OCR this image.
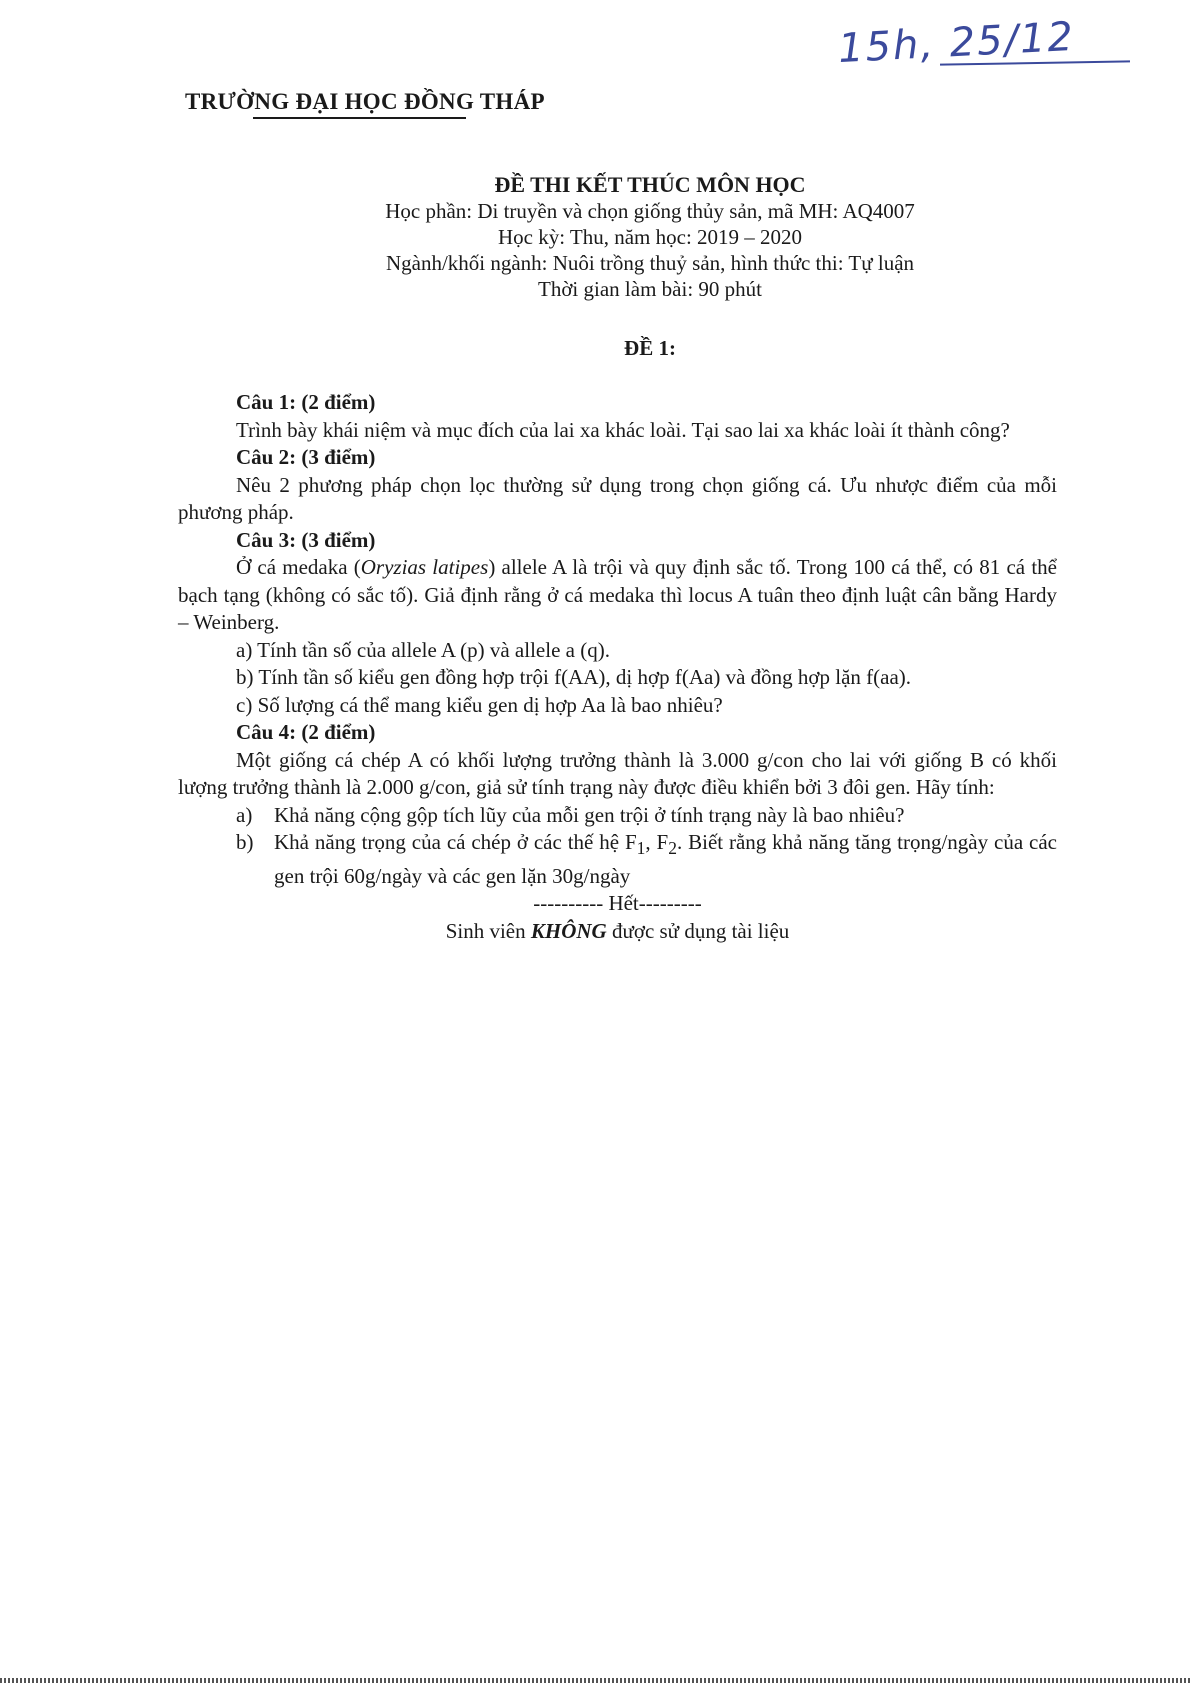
15h, 25/12
TRƯỜNG ĐẠI HỌC ĐỒNG THÁP
ĐỀ THI KẾT THÚC MÔN HỌC
Học phần: Di truyền và chọn giống thủy sản, mã MH: AQ4007
Học kỳ: Thu, năm học: 2019 – 2020
Ngành/khối ngành: Nuôi trồng thuỷ sản, hình thức thi: Tự luận
Thời gian làm bài: 90 phút
ĐỀ 1:
Câu 1: (2 điểm)
Trình bày khái niệm và mục đích của lai xa khác loài. Tại sao lai xa khác loài ít thành công?
Câu 2: (3 điểm)
Nêu 2 phương pháp chọn lọc thường sử dụng trong chọn giống cá. Ưu nhược điểm của mỗi phương pháp.
Câu 3: (3 điểm)
Ở cá medaka (Oryzias latipes) allele A là trội và quy định sắc tố. Trong 100 cá thể, có 81 cá thể bạch tạng (không có sắc tố). Giả định rằng ở cá medaka thì locus A tuân theo định luật cân bằng Hardy – Weinberg.
a) Tính tần số của allele A (p) và allele a (q).
b) Tính tần số kiểu gen đồng hợp trội f(AA), dị hợp f(Aa) và đồng hợp lặn f(aa).
c) Số lượng cá thể mang kiểu gen dị hợp Aa là bao nhiêu?
Câu 4: (2 điểm)
Một giống cá chép A có khối lượng trưởng thành là 3.000 g/con cho lai với giống B có khối lượng trưởng thành là 2.000 g/con, giả sử tính trạng này được điều khiển bởi 3 đôi gen. Hãy tính:
a)	Khả năng cộng gộp tích lũy của mỗi gen trội ở tính trạng này là bao nhiêu?
b) Khả năng trọng của cá chép ở các thế hệ $F_1$, $F_2$. Biết rằng khả năng tăng trọng/ngày của các gen trội 60g/ngày và các gen lặn 30g/ngày
---------- Hết---------
Sinh viên KHÔNG được sử dụng tài liệu
